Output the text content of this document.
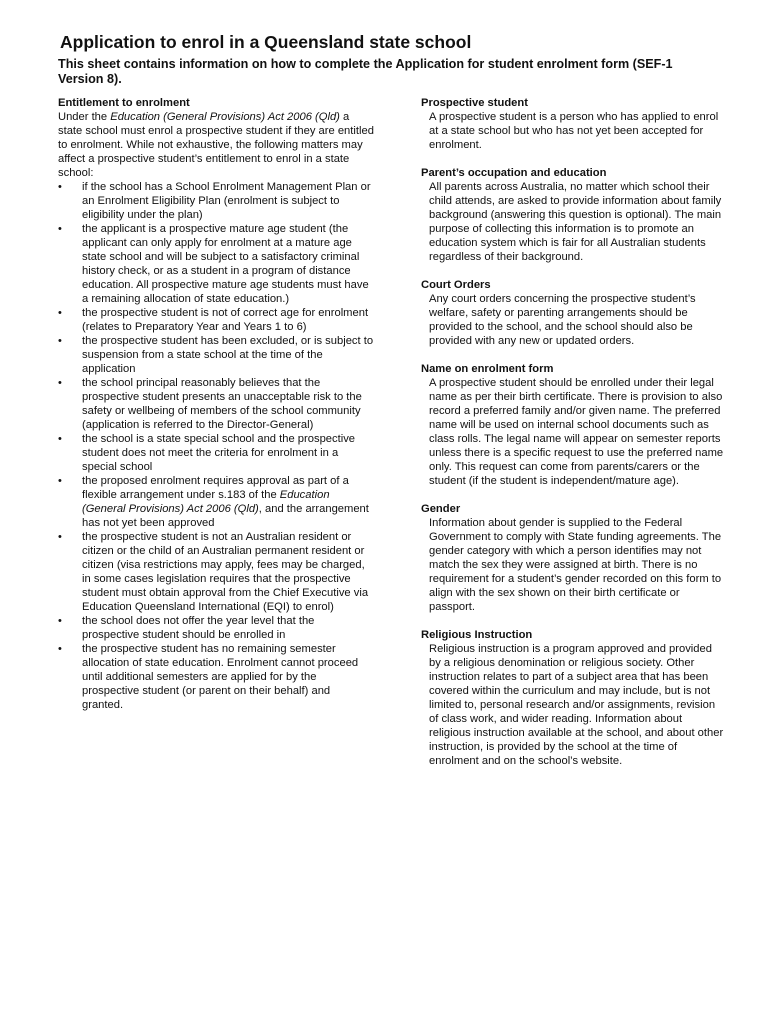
Application to enrol in a Queensland state school

This sheet contains information on how to complete the Application for student enrolment form (SEF-1 Version 8).

Entitlement to enrolment

Under the Education (General Provisions) Act 2006 (Qld) a state school must enrol a prospective student if they are entitled to enrolment. While not exhaustive, the following matters may affect a prospective student’s entitlement to enrol in a state school:

• if the school has a School Enrolment Management Plan or an Enrolment Eligibility Plan (enrolment is subject to eligibility under the plan)
• the applicant is a prospective mature age student (the applicant can only apply for enrolment at a mature age state school and will be subject to a satisfactory criminal history check, or as a student in a program of distance education. All prospective mature age students must have a remaining allocation of state education.)
• the prospective student is not of correct age for enrolment (relates to Preparatory Year and Years 1 to 6)
• the prospective student has been excluded, or is subject to suspension from a state school at the time of the application
• the school principal reasonably believes that the prospective student presents an unacceptable risk to the safety or wellbeing of members of the school community (application is referred to the Director-General)
• the school is a state special school and the prospective student does not meet the criteria for enrolment in a special school
• the proposed enrolment requires approval as part of a flexible arrangement under s.183 of the Education (General Provisions) Act 2006 (Qld), and the arrangement has not yet been approved
• the prospective student is not an Australian resident or citizen or the child of an Australian permanent resident or citizen (visa restrictions may apply, fees may be charged, in some cases legislation requires that the prospective student must obtain approval from the Chief Executive via Education Queensland International (EQI) to enrol)
• the school does not offer the year level that the prospective student should be enrolled in
• the prospective student has no remaining semester allocation of state education. Enrolment cannot proceed until additional semesters are applied for by the prospective student (or parent on their behalf) and granted.

Prospective student

A prospective student is a person who has applied to enrol at a state school but who has not yet been accepted for enrolment.

Parent’s occupation and education

All parents across Australia, no matter which school their child attends, are asked to provide information about family background (answering this question is optional). The main purpose of collecting this information is to promote an education system which is fair for all Australian students regardless of their background.

Court Orders

Any court orders concerning the prospective student’s welfare, safety or parenting arrangements should be provided to the school, and the school should also be provided with any new or updated orders.

Name on enrolment form

A prospective student should be enrolled under their legal name as per their birth certificate. There is provision to also record a preferred family and/or given name. The preferred name will be used on internal school documents such as class rolls. The legal name will appear on semester reports unless there is a specific request to use the preferred name only. This request can come from parents/carers or the student (if the student is independent/mature age).

Gender

Information about gender is supplied to the Federal Government to comply with State funding agreements. The gender category with which a person identifies may not match the sex they were assigned at birth. There is no requirement for a student’s gender recorded on this form to align with the sex shown on their birth certificate or passport.

Religious Instruction

Religious instruction is a program approved and provided by a religious denomination or religious society. Other instruction relates to part of a subject area that has been covered within the curriculum and may include, but is not limited to, personal research and/or assignments, revision of class work, and wider reading. Information about religious instruction available at the school, and about other instruction, is provided by the school at the time of enrolment and on the school’s website.
